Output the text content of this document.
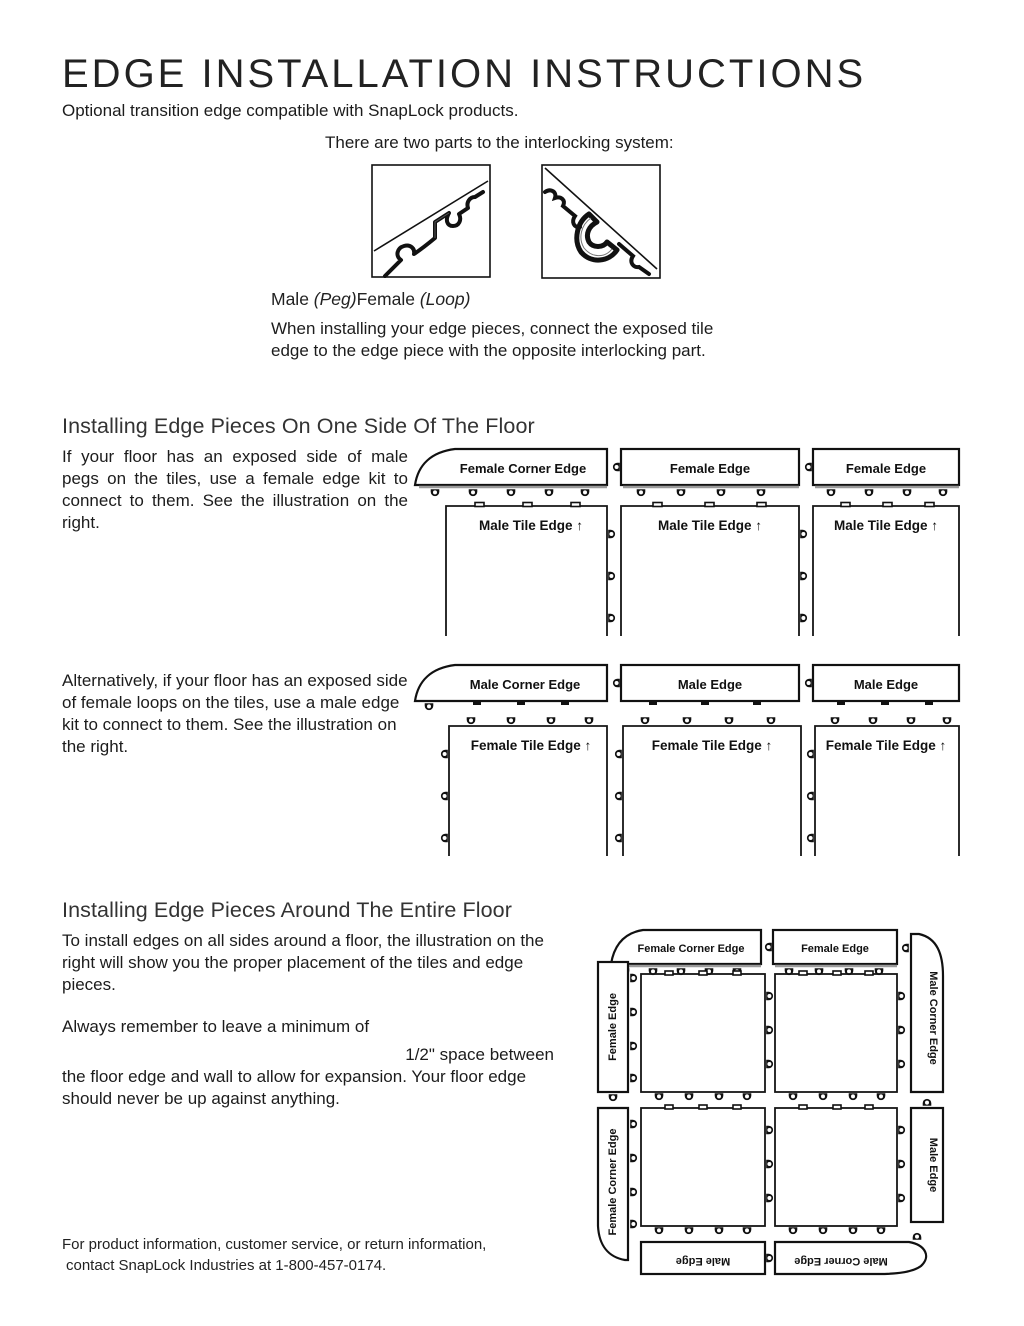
EDGE INSTALLATION INSTRUCTIONS
Optional transition edge compatible with SnapLock products.
There are two parts to the interlocking system:
Male (Peg)Female (Loop)
When installing your edge pieces, connect the exposed tile edge to the edge piece with the opposite interlocking part.
Installing Edge Pieces On One Side Of The Floor
If your floor has an exposed side of male pegs on the tiles, use a female edge kit to connect to them. See the illustration on the right.
Female Corner Edge	Female Edge	Female Edge
Male Tile Edge ↑	Male Tile Edge ↑	Male Tile Edge ↑
Alternatively, if your floor has an exposed side of female loops on the tiles, use a male edge kit to connect to them. See the illustration on the right.
Male Corner Edge	Male Edge	Male Edge
Female Tile Edge ↑	Female Tile Edge ↑	Female Tile Edge ↑
Installing Edge Pieces Around The Entire Floor
To install edges on all sides around a floor, the illustration on the right will show you the proper placement of the tiles and edge pieces.
Always remember to leave a minimum of
1/2" space between
the floor edge and wall to allow for expansion. Your floor edge should never be up against anything.
Female Corner Edge	Female Edge
Male Corner Edge
Female Edge
Female Corner Edge	Male Edge
Male Edge	Male Corner Edge
For product information, customer service, or return information,
contact SnapLock Industries at 1-800-457-0174.
